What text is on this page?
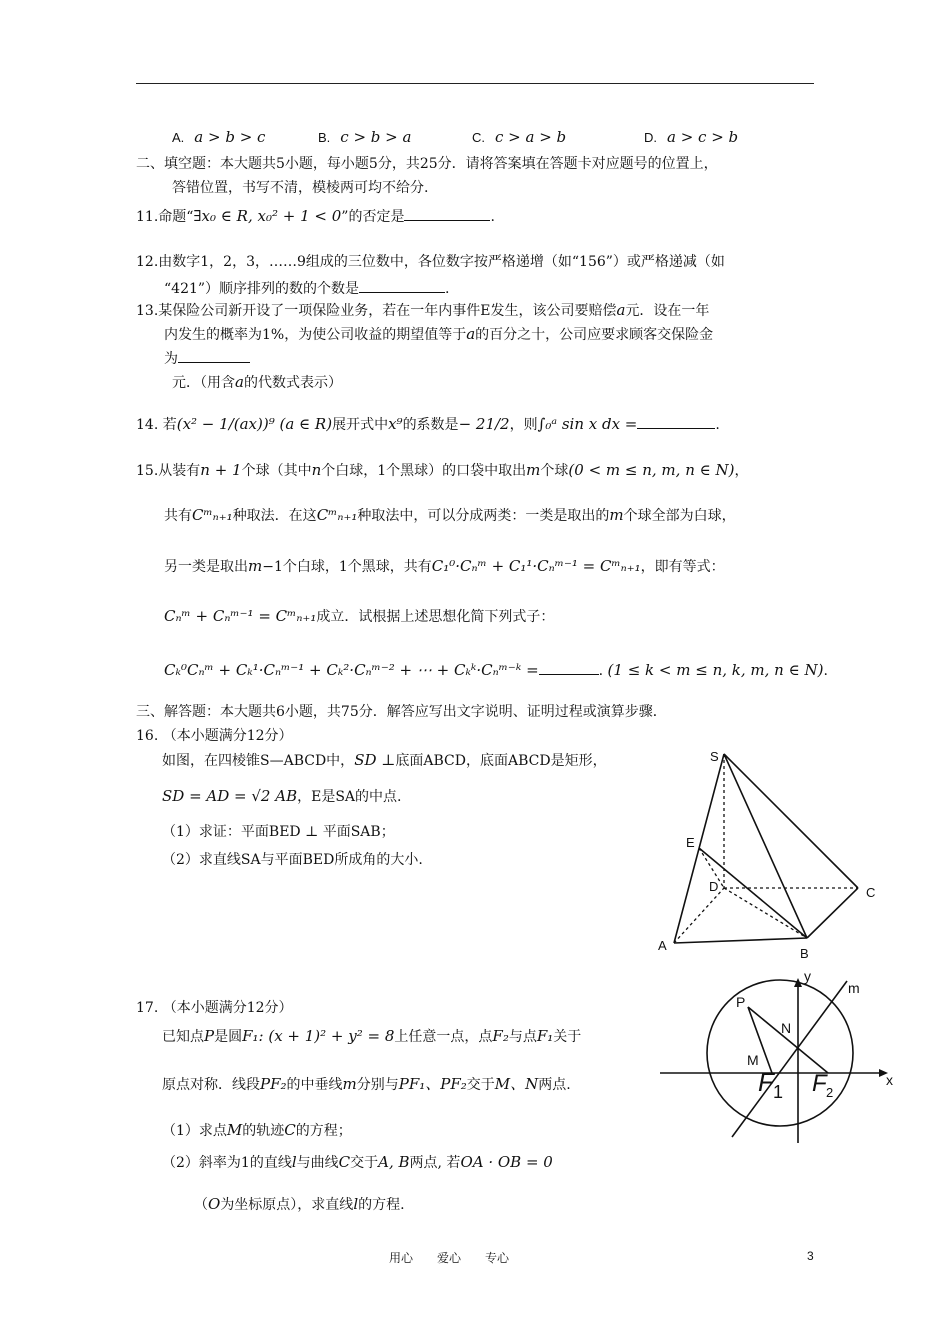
A. a > b > c	B. c > b > a	C. c > a > b	D. a > c > b
二、填空题：本大题共5小题，每小题5分，共25分．请将答案填在答题卡对应题号的位置上，
答错位置，书写不清，模棱两可均不给分.
11.命题“∃x₀ ∈ R, x₀² + 1 < 0”的否定是	.
12.由数字1，2，3，……9组成的三位数中，各位数字按严格递增（如“156”）或严格递减（如
“421”）顺序排列的数的个数是	.
13.某保险公司新开设了一项保险业务，若在一年内事件E发生，该公司要赔偿a元．设在一年
内发生的概率为1%，为使公司收益的期望值等于a的百分之十，公司应要求顾客交保险金
为
元．（用含a的代数式表示）
14. 若(x² − 1/(ax))⁹ (a ∈ R)展开式中x⁹的系数是− 21/2，则∫₀ᵃ sin x dx =	.
15.从装有n + 1个球（其中n个白球，1个黑球）的口袋中取出m个球(0 < m ≤ n, m, n ∈ N)，
共有Cᵐₙ₊₁种取法．在这Cᵐₙ₊₁种取法中，可以分成两类：一类是取出的m个球全部为白球，
另一类是取出m−1个白球，1个黑球，共有C₁⁰·Cₙᵐ + C₁¹·Cₙᵐ⁻¹ = Cᵐₙ₊₁，即有等式：
Cₙᵐ + Cₙᵐ⁻¹ = Cᵐₙ₊₁成立．试根据上述思想化简下列式子：
Cₖ⁰Cₙᵐ + Cₖ¹·Cₙᵐ⁻¹ + Cₖ²·Cₙᵐ⁻² + ⋯ + Cₖᵏ·Cₙᵐ⁻ᵏ =	. (1 ≤ k < m ≤ n, k, m, n ∈ N).
三、解答题：本大题共6小题，共75分．解答应写出文字说明、证明过程或演算步骤．
16. （本小题满分12分）
如图，在四棱锥S—ABCD中，SD ⊥底面ABCD，底面ABCD是矩形，
SD = AD = √2 AB，E是SA的中点.
（1）求证：平面BED ⊥ 平面SAB；
（2）求直线SA与平面BED所成角的大小.
S
E
D	C
A
B
17. （本小题满分12分）
已知点P是圆F₁: (x + 1)² + y² = 8上任意一点，点F₂与点F₁关于
原点对称．线段PF₂的中垂线m分别与PF₁、PF₂交于M、N两点.
（1）求点M的轨迹C的方程；
（2）斜率为1的直线l与曲线C交于A, B两点, 若OA · OB = 0
（O为坐标原点），求直线l的方程.
y
m
P
N
M
x
F 1 F 2
用心　　爱心　　专心	3
